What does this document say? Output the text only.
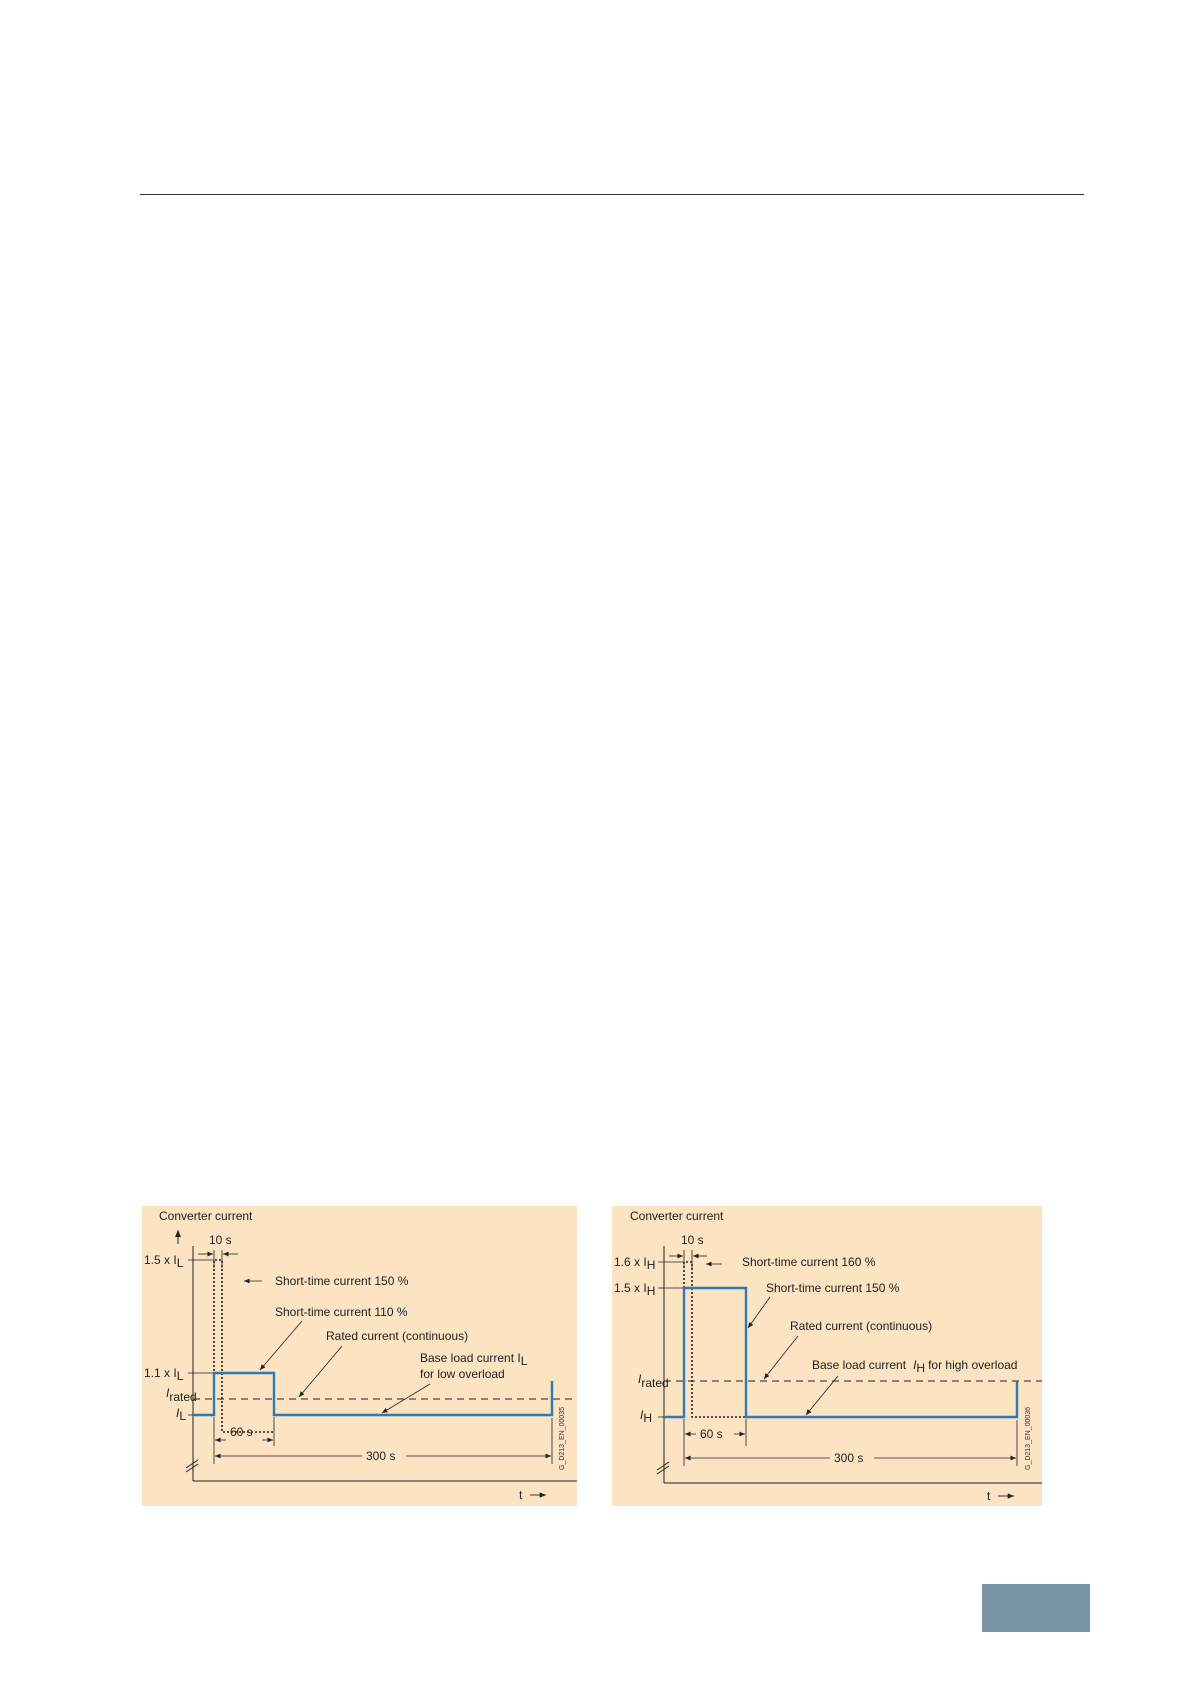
Converter current
1.5 x IL
1.1 x IL
Irated
IL
10 s
60 s
300 s
Short-time current 150 %
Short-time current 110 %
Rated current (continuous)
Base load current IL
for low overload
t
G_D213_EN_00035
Converter current
1.6 x IH
1.5 x IH
Irated
IH
10 s
60 s
300 s
Short-time current 160 %
Short-time current 150 %
Rated current (continuous)
Base load current IH for high overload
t
G_D213_EN_00036
